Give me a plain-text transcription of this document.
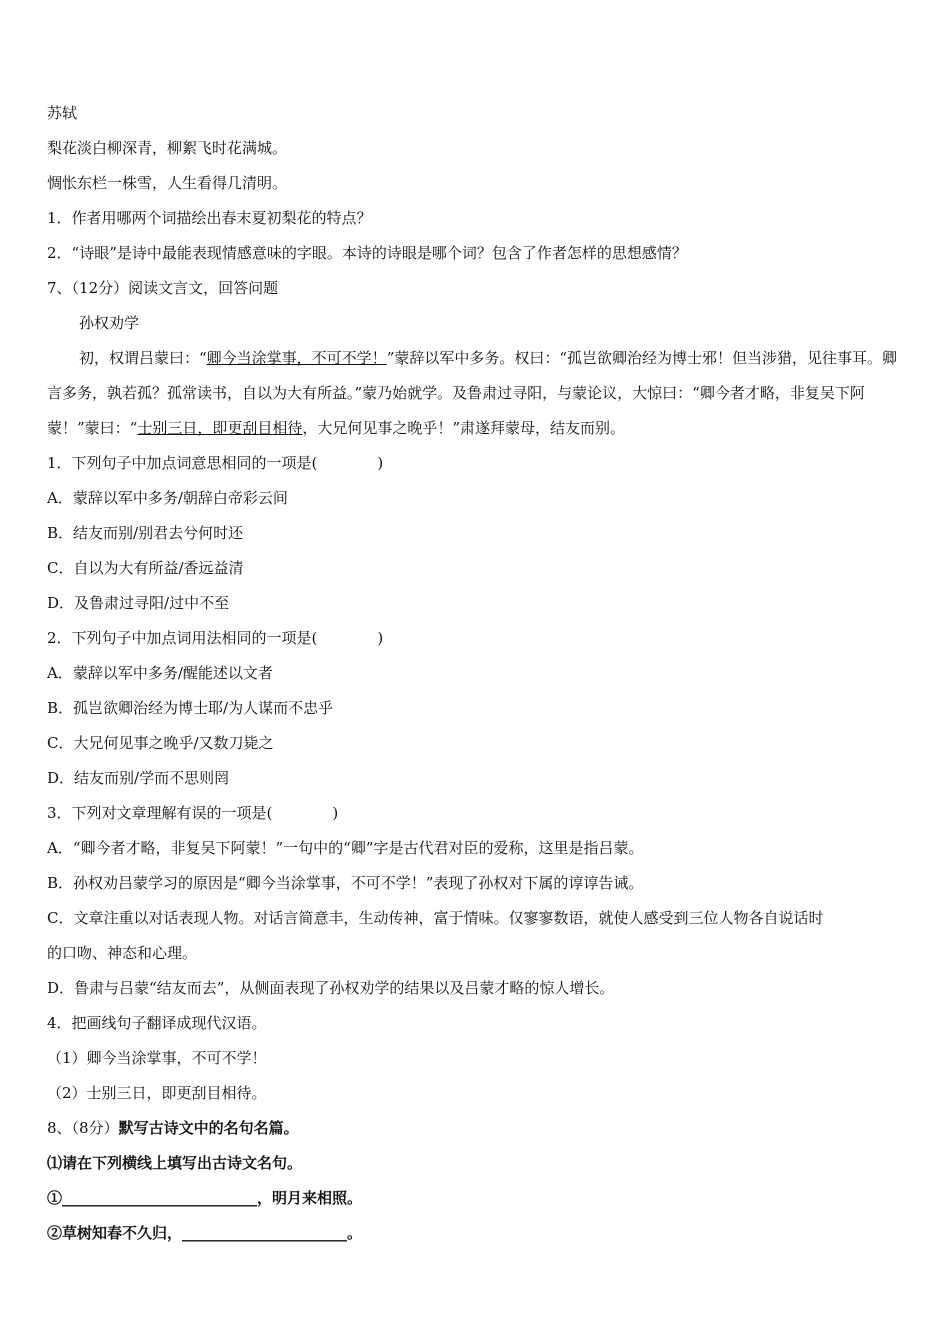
苏轼
梨花淡白柳深青，柳絮飞时花满城。
惆怅东栏一株雪，人生看得几清明。
1．作者用哪两个词描绘出春末夏初梨花的特点？
2．“诗眼”是诗中最能表现情感意味的字眼。本诗的诗眼是哪个词？包含了作者怎样的思想感情？
7、（12分）阅读文言文，回答问题
孙权劝学
初，权谓吕蒙曰：“卿今当涂掌事，不可不学！”蒙辞以军中多务。权曰：“孤岂欲卿治经为博士邪！但当涉猎，见往事耳。卿言多务，孰若孤？孤常读书，自以为大有所益。”蒙乃始就学。及鲁肃过寻阳，与蒙论议，大惊曰：“卿今者才略，非复吴下阿蒙！”蒙曰：“士别三日，即更刮目相待，大兄何见事之晚乎！”肃遂拜蒙母，结友而别。
1．下列句子中加点词意思相同的一项是(　　　　)
A．蒙辞以军中多务/朝辞白帝彩云间
B．结友而别/别君去兮何时还
C．自以为大有所益/香远益清
D．及鲁肃过寻阳/过中不至
2．下列句子中加点词用法相同的一项是(　　　　)
A．蒙辞以军中多务/醒能述以文者
B．孤岂欲卿治经为博士耶/为人谋而不忠乎
C．大兄何见事之晚乎/又数刀毙之
D．结友而别/学而不思则罔
3．下列对文章理解有误的一项是(　　　　)
A．“卿今者才略，非复吴下阿蒙！”一句中的“卿”字是古代君对臣的爱称，这里是指吕蒙。
B．孙权劝吕蒙学习的原因是“卿今当涂掌事，不可不学！”表现了孙权对下属的谆谆告诫。
C．文章注重以对话表现人物。对话言简意丰，生动传神，富于情味。仅寥寥数语，就使人感受到三位人物各自说话时
的口吻、神态和心理。
D．鲁肃与吕蒙“结友而去”，从侧面表现了孙权劝学的结果以及吕蒙才略的惊人增长。
4．把画线句子翻译成现代汉语。
（1）卿今当涂掌事，不可不学！
（2）士别三日，即更刮目相待。
8、（8分）默写古诗文中的名句名篇。
⑴请在下列横线上填写出古诗文名句。
①__________________________，明月来相照。
②草树知春不久归，______________________。
